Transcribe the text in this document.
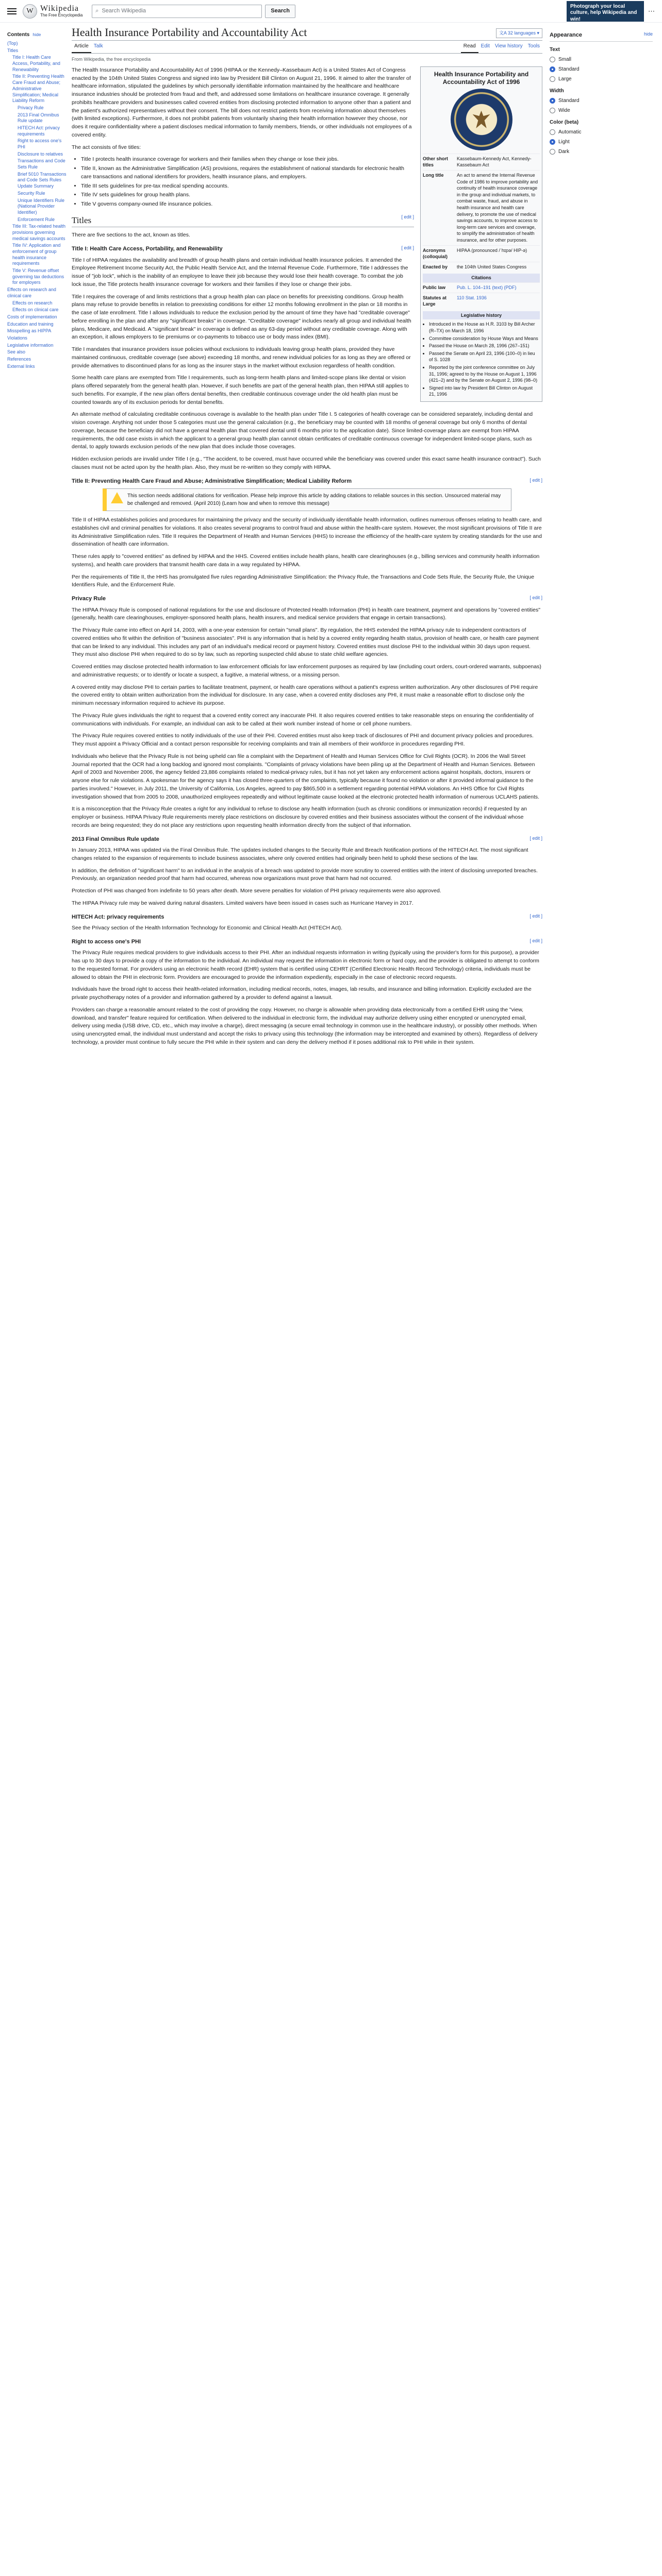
W Wikipedia
The Free Encyclopedia
⌕ Search Wikipedia	Search
Photograph your local culture, help Wikipedia and win!
⋯
Contents hide
(Top)
Titles
Title I: Health Care Access, Portability, and Renewability
Title II: Preventing Health Care Fraud and Abuse; Administrative Simplification; Medical Liability Reform
Privacy Rule
2013 Final Omnibus Rule update
HITECH Act: privacy requirements
Right to access one's PHI
Disclosure to relatives
Transactions and Code Sets Rule
Brief 5010 Transactions and Code Sets Rules Update Summary
Security Rule
Unique Identifiers Rule (National Provider Identifier)
Enforcement Rule
Title III: Tax-related health provisions governing medical savings accounts
Title IV: Application and enforcement of group health insurance requirements
Title V: Revenue offset governing tax deductions for employers
Effects on research and clinical care
Effects on research
Effects on clinical care
Costs of implementation
Education and training
Misspelling as HIPPA
Violations
Legislative information
See also
References
External links
Health Insurance Portability and Accountability Act	文A 32 languages ▾
Article Talk	Read Edit View history Tools
From Wikipedia, the free encyclopedia
Health Insurance Portability and Accountability Act of 1996
Other short titles
Kassebaum-Kennedy Act, Kennedy-Kassebaum Act
Long title	An act to amend the Internal Revenue Code of 1986 to improve portability and continuity of health insurance coverage in the group and individual markets, to combat waste, fraud, and abuse in health insurance and health care delivery, to promote the use of medical savings accounts, to improve access to long-term care services and coverage, to simplify the administration of health insurance, and for other purposes.
Acronyms (colloquial)
HIPAA (pronounced /ˈhɪpə/ HIP-ə)
Enacted by	the 104th United States Congress
Citations
Public law	Pub. L. 104–191 (text) (PDF)
Statutes at Large
110 Stat. 1936
Legislative history
• Introduced in the House as H.R. 3103 by Bill Archer (R–TX) on March 18, 1996
• Committee consideration by House Ways and Means
• Passed the House on March 28, 1996 (267–151)
• Passed the Senate on April 23, 1996 (100–0) in lieu of S. 1028
• Reported by the joint conference committee on July 31, 1996; agreed to by the House on August 1, 1996 (421–2) and by the Senate on August 2, 1996 (98–0)
• Signed into law by President Bill Clinton on August 21, 1996

The Health Insurance Portability and Accountability Act of 1996 (HIPAA or the Kennedy–Kassebaum Act) is a United States Act of Congress enacted by the 104th United States Congress and signed into law by President Bill Clinton on August 21, 1996. It aimed to alter the transfer of healthcare information, stipulated the guidelines by which personally identifiable information maintained by the healthcare and healthcare insurance industries should be protected from fraud and theft, and addressed some limitations on healthcare insurance coverage. It generally prohibits healthcare providers and businesses called covered entities from disclosing protected information to anyone other than a patient and the patient's authorized representatives without their consent. The bill does not restrict patients from receiving information about themselves (with limited exceptions). Furthermore, it does not prohibit patients from voluntarily sharing their health information however they choose, nor does it require confidentiality where a patient discloses medical information to family members, friends, or other individuals not employees of a covered entity.

The act consists of five titles:

• Title I protects health insurance coverage for workers and their families when they change or lose their jobs.
• Title II, known as the Administrative Simplification (AS) provisions, requires the establishment of national standards for electronic health care transactions and national identifiers for providers, health insurance plans, and employers.
• Title III sets guidelines for pre-tax medical spending accounts.
• Title IV sets guidelines for group health plans.
• Title V governs company-owned life insurance policies.
Titles	[ edit ]

There are five sections to the act, known as titles.

Title I: Health Care Access, Portability, and Renewability	[ edit ]

Title I of HIPAA regulates the availability and breadth of group health plans and certain individual health insurance policies. It amended the Employee Retirement Income Security Act, the Public Health Service Act, and the Internal Revenue Code. Furthermore, Title I addresses the issue of "job lock", which is the inability of an employee to leave their job because they would lose their health coverage. To combat the job lock issue, the Title protects health insurance coverage for workers and their families if they lose or change their jobs.

Title I requires the coverage of and limits restrictions that a group health plan can place on benefits for preexisting conditions. Group health plans may refuse to provide benefits in relation to preexisting conditions for either 12 months following enrollment in the plan or 18 months in the case of late enrollment. Title I allows individuals to reduce the exclusion period by the amount of time they have had "creditable coverage" before enrolling in the plan and after any "significant breaks" in coverage. "Creditable coverage" includes nearly all group and individual health plans, Medicare, and Medicaid. A "significant break" in coverage is defined as any 63-day period without any creditable coverage. Along with an exception, it allows employers to tie premiums or co-payments to tobacco use or body mass index (BMI).

Title I mandates that insurance providers issue policies without exclusions to individuals leaving group health plans, provided they have maintained continuous, creditable coverage (see above) exceeding 18 months, and renew individual policies for as long as they are offered or provide alternatives to discontinued plans for as long as the insurer stays in the market without exclusion regardless of health condition.

Some health care plans are exempted from Title I requirements, such as long-term health plans and limited-scope plans like dental or vision plans offered separately from the general health plan. However, if such benefits are part of the general health plan, then HIPAA still applies to such benefits. For example, if the new plan offers dental benefits, then creditable continuous coverage under the old health plan must be counted towards any of its exclusion periods for dental benefits.

An alternate method of calculating creditable continuous coverage is available to the health plan under Title I. 5 categories of health coverage can be considered separately, including dental and vision coverage. Anything not under those 5 categories must use the general calculation (e.g., the beneficiary may be counted with 18 months of general coverage but only 6 months of dental coverage, because the beneficiary did not have a general health plan that covered dental until 6 months prior to the application date). Since limited-coverage plans are exempt from HIPAA requirements, the odd case exists in which the applicant to a general group health plan cannot obtain certificates of creditable continuous coverage for independent limited-scope plans, such as dental, to apply towards exclusion periods of the new plan that does include those coverages.

Hidden exclusion periods are invalid under Title I (e.g., "The accident, to be covered, must have occurred while the beneficiary was covered under this exact same health insurance contract"). Such clauses must not be acted upon by the health plan. Also, they must be re-written so they comply with HIPAA.

Title II: Preventing Health Care Fraud and Abuse; Administrative Simplification; Medical Liability Reform	[ edit ]
This section needs additional citations for verification. Please help improve this article by adding citations to reliable sources in this section. Unsourced material may be challenged and removed. (April 2010) (Learn how and when to remove this message)

Title II of HIPAA establishes policies and procedures for maintaining the privacy and the security of individually identifiable health information, outlines numerous offenses relating to health care, and establishes civil and criminal penalties for violations. It also creates several programs to control fraud and abuse within the health-care system. However, the most significant provisions of Title II are its Administrative Simplification rules. Title II requires the Department of Health and Human Services (HHS) to increase the efficiency of the health-care system by creating standards for the use and dissemination of health care information.

These rules apply to "covered entities" as defined by HIPAA and the HHS. Covered entities include health plans, health care clearinghouses (e.g., billing services and community health information systems), and health care providers that transmit health care data in a way regulated by HIPAA.

Per the requirements of Title II, the HHS has promulgated five rules regarding Administrative Simplification: the Privacy Rule, the Transactions and Code Sets Rule, the Security Rule, the Unique Identifiers Rule, and the Enforcement Rule.

Privacy Rule	[ edit ]

The HIPAA Privacy Rule is composed of national regulations for the use and disclosure of Protected Health Information (PHI) in health care treatment, payment and operations by "covered entities" (generally, health care clearinghouses, employer-sponsored health plans, health insurers, and medical service providers that engage in certain transactions).

The Privacy Rule came into effect on April 14, 2003, with a one-year extension for certain "small plans". By regulation, the HHS extended the HIPAA privacy rule to independent contractors of covered entities who fit within the definition of "business associates". PHI is any information that is held by a covered entity regarding health status, provision of health care, or health care payment that can be linked to any individual. This includes any part of an individual's medical record or payment history. Covered entities must disclose PHI to the individual within 30 days upon request. They must also disclose PHI when required to do so by law, such as reporting suspected child abuse to state child welfare agencies.

Covered entities may disclose protected health information to law enforcement officials for law enforcement purposes as required by law (including court orders, court-ordered warrants, subpoenas) and administrative requests; or to identify or locate a suspect, a fugitive, a material witness, or a missing person.

A covered entity may disclose PHI to certain parties to facilitate treatment, payment, or health care operations without a patient's express written authorization. Any other disclosures of PHI require the covered entity to obtain written authorization from the individual for disclosure. In any case, when a covered entity discloses any PHI, it must make a reasonable effort to disclose only the minimum necessary information required to achieve its purpose.

The Privacy Rule gives individuals the right to request that a covered entity correct any inaccurate PHI. It also requires covered entities to take reasonable steps on ensuring the confidentiality of communications with individuals. For example, an individual can ask to be called at their work number instead of home or cell phone numbers.

The Privacy Rule requires covered entities to notify individuals of the use of their PHI. Covered entities must also keep track of disclosures of PHI and document privacy policies and procedures. They must appoint a Privacy Official and a contact person responsible for receiving complaints and train all members of their workforce in procedures regarding PHI.

Individuals who believe that the Privacy Rule is not being upheld can file a complaint with the Department of Health and Human Services Office for Civil Rights (OCR). In 2006 the Wall Street Journal reported that the OCR had a long backlog and ignored most complaints. "Complaints of privacy violations have been piling up at the Department of Health and Human Services. Between April of 2003 and November 2006, the agency fielded 23,886 complaints related to medical-privacy rules, but it has not yet taken any enforcement actions against hospitals, doctors, insurers or anyone else for rule violations. A spokesman for the agency says it has closed three-quarters of the complaints, typically because it found no violation or after it provided informal guidance to the parties involved." However, in July 2011, the University of California, Los Angeles, agreed to pay $865,500 in a settlement regarding potential HIPAA violations. An HHS Office for Civil Rights investigation showed that from 2005 to 2008, unauthorized employees repeatedly and without legitimate cause looked at the electronic protected health information of numerous UCLAHS patients.

It is a misconception that the Privacy Rule creates a right for any individual to refuse to disclose any health information (such as chronic conditions or immunization records) if requested by an employer or business. HIPAA Privacy Rule requirements merely place restrictions on disclosure by covered entities and their business associates without the consent of the individual whose records are being requested; they do not place any restrictions upon requesting health information directly from the subject of that information.

2013 Final Omnibus Rule update	[ edit ]

In January 2013, HIPAA was updated via the Final Omnibus Rule. The updates included changes to the Security Rule and Breach Notification portions of the HITECH Act. The most significant changes related to the expansion of requirements to include business associates, where only covered entities had originally been held to uphold these sections of the law.

In addition, the definition of "significant harm" to an individual in the analysis of a breach was updated to provide more scrutiny to covered entities with the intent of disclosing unreported breaches. Previously, an organization needed proof that harm had occurred, whereas now organizations must prove that harm had not occurred.

Protection of PHI was changed from indefinite to 50 years after death. More severe penalties for violation of PHI privacy requirements were also approved.

The HIPAA Privacy rule may be waived during natural disasters. Limited waivers have been issued in cases such as Hurricane Harvey in 2017.

HITECH Act: privacy requirements	[ edit ]

See the Privacy section of the Health Information Technology for Economic and Clinical Health Act (HITECH Act).

Right to access one's PHI	[ edit ]

The Privacy Rule requires medical providers to give individuals access to their PHI. After an individual requests information in writing (typically using the provider's form for this purpose), a provider has up to 30 days to provide a copy of the information to the individual. An individual may request the information in electronic form or hard copy, and the provider is obligated to attempt to conform to the requested format. For providers using an electronic health record (EHR) system that is certified using CEHRT (Certified Electronic Health Record Technology) criteria, individuals must be allowed to obtain the PHI in electronic form. Providers are encouraged to provide the information expediently, especially in the case of electronic record requests.

Individuals have the broad right to access their health-related information, including medical records, notes, images, lab results, and insurance and billing information. Explicitly excluded are the private psychotherapy notes of a provider and information gathered by a provider to defend against a lawsuit.

Providers can charge a reasonable amount related to the cost of providing the copy. However, no charge is allowable when providing data electronically from a certified EHR using the "view, download, and transfer" feature required for certification. When delivered to the individual in electronic form, the individual may authorize delivery using either encrypted or unencrypted email, delivery using media (USB drive, CD, etc., which may involve a charge), direct messaging (a secure email technology in common use in the healthcare industry), or possibly other methods. When using unencrypted email, the individual must understand and accept the risks to privacy using this technology (the information may be intercepted and examined by others). Regardless of delivery technology, a provider must continue to fully secure the PHI while in their system and can deny the delivery method if it poses additional risk to PHI while in their system.

Appearance	hide
Text
Small
Standard
Large
Width
Standard
Wide
Color (beta)
Automatic
Light
Dark
